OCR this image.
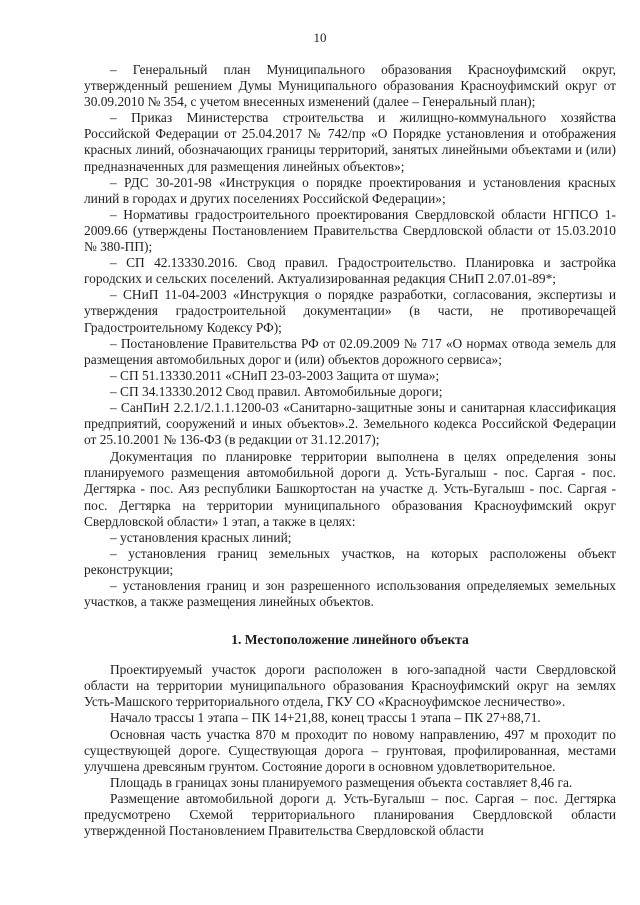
10

– Генеральный план Муниципального образования Красноуфимский округ, утвержденный решением Думы Муниципального образования Красноуфимский округ от 30.09.2010 № 354, с учетом внесенных изменений (далее – Генеральный план);

– Приказ Министерства строительства и жилищно-коммунального хозяйства Российской Федерации от 25.04.2017 № 742/пр «О Порядке установления и отображения красных линий, обозначающих границы территорий, занятых линейными объектами и (или) предназначенных для размещения линейных объектов»;

– РДС 30-201-98 «Инструкция о порядке проектирования и установления красных линий в городах и других поселениях Российской Федерации»;

– Нормативы градостроительного проектирования Свердловской области НГПСО 1-2009.66 (утверждены Постановлением Правительства Свердловской области от 15.03.2010 № 380-ПП);

– СП 42.13330.2016. Свод правил. Градостроительство. Планировка и застройка городских и сельских поселений. Актуализированная редакция СНиП 2.07.01-89*;

– СНиП 11-04-2003 «Инструкция о порядке разработки, согласования, экспертизы и утверждения градостроительной документации» (в части, не противоречащей Градостроительному Кодексу РФ);

– Постановление Правительства РФ от 02.09.2009 № 717 «О нормах отвода земель для размещения автомобильных дорог и (или) объектов дорожного сервиса»;

– СП 51.13330.2011 «СНиП 23-03-2003 Защита от шума»;

– СП 34.13330.2012 Свод правил. Автомобильные дороги;

– СанПиН 2.2.1/2.1.1.1200-03 «Санитарно-защитные зоны и санитарная классификация предприятий, сооружений и иных объектов».2. Земельного кодекса Российской Федерации от 25.10.2001 № 136-ФЗ (в редакции от 31.12.2017);

Документация по планировке территории выполнена в целях определения зоны планируемого размещения автомобильной дороги д. Усть-Бугалыш - пос. Саргая - пос. Дегтярка - пос. Аяз республики Башкортостан на участке д. Усть-Бугалыш - пос. Саргая - пос. Дегтярка на территории муниципального образования Красноуфимский округ Свердловской области» 1 этап, а также в целях:

– установления красных линий;

– установления границ земельных участков, на которых расположены объект реконструкции;

– установления границ и зон разрешенного использования определяемых земельных участков, а также размещения линейных объектов.

1. Местоположение линейного объекта

Проектируемый участок дороги расположен в юго-западной части Свердловской области на территории муниципального образования Красноуфимский округ на землях Усть-Машского территориального отдела, ГКУ СО «Красноуфимское лесничество».

Начало трассы 1 этапа – ПК 14+21,88, конец трассы 1 этапа – ПК 27+88,71.

Основная часть участка 870 м проходит по новому направлению, 497 м проходит по существующей дороге. Существующая дорога – грунтовая, профилированная, местами улучшена древсяным грунтом. Состояние дороги в основном удовлетворительное.

Площадь в границах зоны планируемого размещения объекта составляет 8,46 га.

Размещение автомобильной дороги д. Усть-Бугалыш – пос. Саргая – пос. Дегтярка предусмотрено Схемой территориального планирования Свердловской области утвержденной Постановлением Правительства Свердловской области
